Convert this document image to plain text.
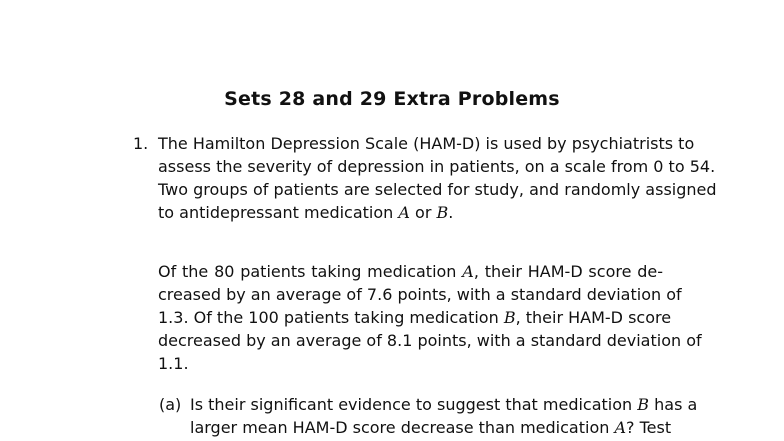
Sets 28 and 29 Extra Problems
1. The Hamilton Depression Scale (HAM-D) is used by psychiatrists to
assess the severity of depression in patients, on a scale from 0 to 54.
Two groups of patients are selected for study, and randomly assigned
to antidepressant medication A or B.
Of the 80 patients taking medication A, their HAM-D score de-
creased by an average of 7.6 points, with a standard deviation of
1.3. Of the 100 patients taking medication B, their HAM-D score
decreased by an average of 8.1 points, with a standard deviation of
1.1.
(a) Is their significant evidence to suggest that medication B has a
larger mean HAM-D score decrease than medication A? Test
